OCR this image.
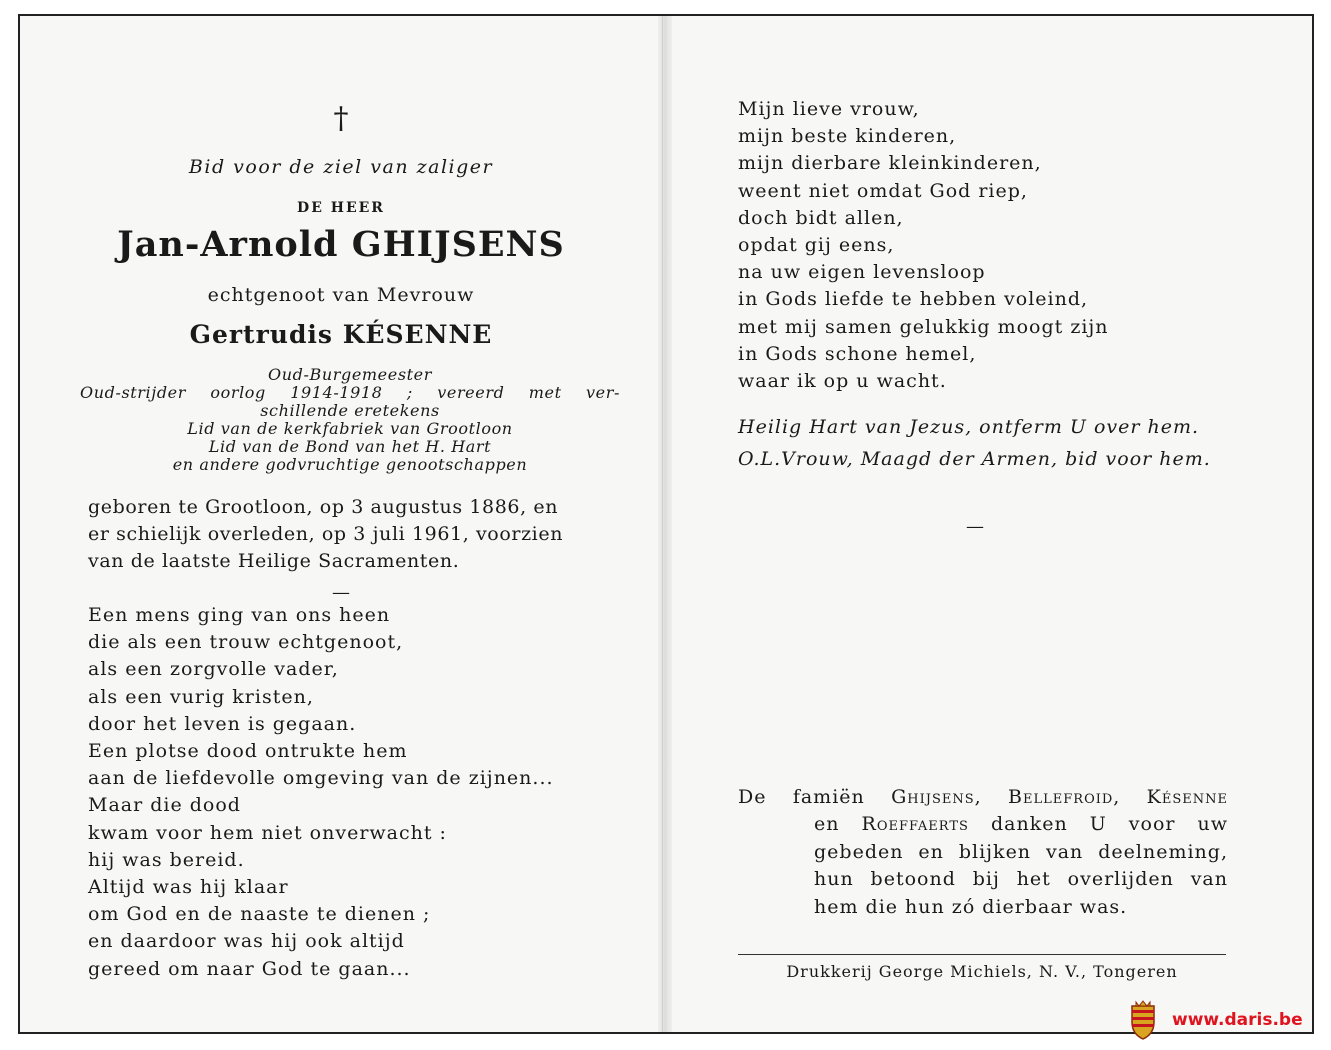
†
Bid voor de ziel van zaliger
DE HEER
Jan-Arnold GHIJSENS
echtgenoot van Mevrouw
Gertrudis KÉSENNE
Oud-Burgemeester
Oud-strijder oorlog 1914-1918 ; vereerd met ver-
schillende eretekens
Lid van de kerkfabriek van Grootloon
Lid van de Bond van het H. Hart
en andere godvruchtige genootschappen
geboren te Grootloon, op 3 augustus 1886, en
er schielijk overleden, op 3 juli 1961, voorzien
van de laatste Heilige Sacramenten.
—
Een mens ging van ons heen
die als een trouw echtgenoot,
als een zorgvolle vader,
als een vurig kristen,
door het leven is gegaan.
Een plotse dood ontrukte hem
aan de liefdevolle omgeving van de zijnen...
Maar die dood
kwam voor hem niet onverwacht :
hij was bereid.
Altijd was hij klaar
om God en de naaste te dienen ;
en daardoor was hij ook altijd
gereed om naar God te gaan...
Mijn lieve vrouw,
mijn beste kinderen,
mijn dierbare kleinkinderen,
weent niet omdat God riep,
doch bidt allen,
opdat gij eens,
na uw eigen levensloop
in Gods liefde te hebben voleind,
met mij samen gelukkig moogt zijn
in Gods schone hemel,
waar ik op u wacht.
Heilig Hart van Jezus, ontferm U over hem.
O.L.Vrouw, Maagd der Armen, bid voor hem.
—
De famiën Ghijsens, Bellefroid, Késenne
en Roeffaerts danken U voor uw
gebeden en blijken van deelneming,
hun betoond bij het overlijden van
hem die hun zó dierbaar was.
Drukkerij George Michiels, N. V., Tongeren
www.daris.be
